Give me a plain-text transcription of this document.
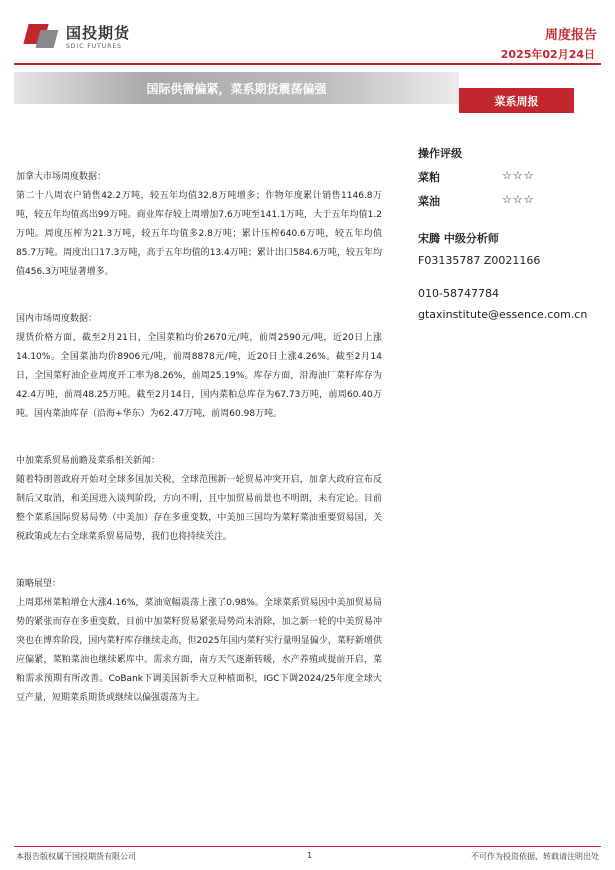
国投期货
SDIC FUTURES
周度报告
2025年02月24日
国际供需偏紧，菜系期货震荡偏强
菜系周报
操作评级
菜粕	☆☆☆
菜油	☆☆☆
宋腾 中级分析师
F03135787 Z0021166
010-58747784
gtaxinstitute@essence.com.cn

加拿大市场周度数据：

第二十八周农户销售42.2万吨，较五年均值32.8万吨增多；作物年度累计销售1146.8万吨，较五年均值高出99万吨。商业库存较上周增加7.6万吨至141.1万吨，大于五年均值1.2万吨。周度压榨为21.3万吨，较五年均值多2.8万吨；累计压榨640.6万吨，较五年均值85.7万吨。周度出口17.3万吨，高于五年均值的13.4万吨；累计出口584.6万吨，较五年均值456.3万吨显著增多。

国内市场周度数据：

现货价格方面，截至2月21日，全国菜粕均价2670元/吨，前周2590元/吨，近20日上涨14.10%。全国菜油均价8906元/吨，前周8878元/吨，近20日上涨4.26%。截至2月14日，全国菜籽油企业周度开工率为8.26%，前周25.19%。库存方面，沿海油厂菜籽库存为42.4万吨，前周48.25万吨。截至2月14日，国内菜粕总库存为67.73万吨，前周60.40万吨。国内菜油库存（沿海+华东）为62.47万吨，前周60.98万吨。

中加菜系贸易前瞻及菜系相关新闻：

随着特朗普政府开始对全球多国加关税，全球范围新一轮贸易冲突开启，加拿大政府宣布反制后又取消，和美国进入谈判阶段，方向不明，且中加贸易前景也不明朗，未有定论。目前整个菜系国际贸易局势（中美加）存在多重变数，中美加三国均为菜籽菜油重要贸易国，关税政策或左右全球菜系贸易局势，我们也将持续关注。

策略展望：

上周郑州菜粕增仓大涨4.16%，菜油宽幅震荡上涨了0.98%。全球菜系贸易因中美加贸易局势的紧张而存在多重变数，目前中加菜籽贸易紧张局势尚未消除，加之新一轮的中美贸易冲突也在博弈阶段，国内菜籽库存继续走高，但2025年国内菜籽实行量明显偏少，菜籽新增供应偏紧，菜粕菜油也继续累库中。需求方面，南方天气逐渐转暖，水产养殖或提前开启，菜粕需求预期有所改善。CoBank下调美国新季大豆种植面积，IGC下调2024/25年度全球大豆产量，短期菜系期货或继续以偏强震荡为主。

本报告版权属于国投期货有限公司	1	不可作为投资依据，转载请注明出处
